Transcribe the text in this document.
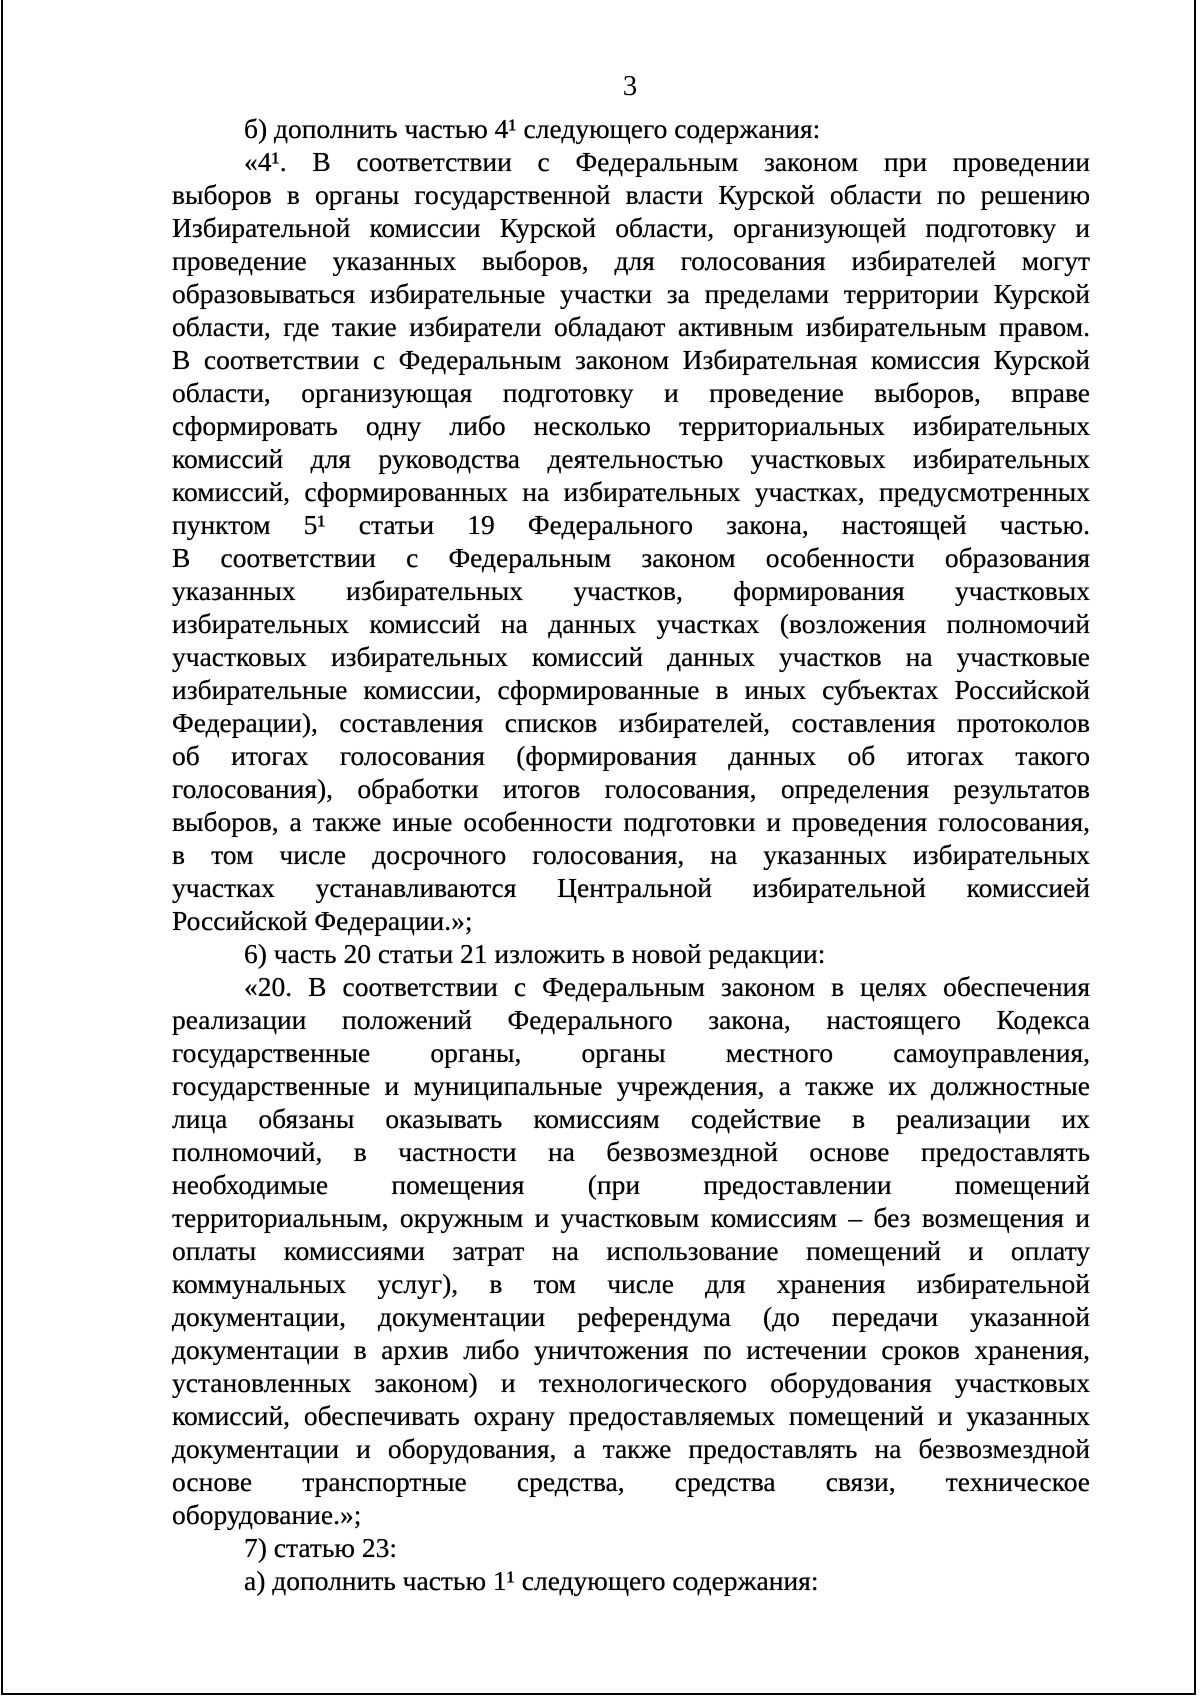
3
б) дополнить частью 4¹ следующего содержания:
«4¹. В соответствии с Федеральным законом при проведении
выборов в органы государственной власти Курской области по решению
Избирательной комиссии Курской области, организующей подготовку и
проведение указанных выборов, для голосования избирателей могут
образовываться избирательные участки за пределами территории Курской
области, где такие избиратели обладают активным избирательным правом.
В соответствии с Федеральным законом Избирательная комиссия Курской
области, организующая подготовку и проведение выборов, вправе
сформировать одну либо несколько территориальных избирательных
комиссий для руководства деятельностью участковых избирательных
комиссий, сформированных на избирательных участках, предусмотренных
пунктом 5¹ статьи 19 Федерального закона, настоящей частью.
В соответствии с Федеральным законом особенности образования
указанных избирательных участков, формирования участковых
избирательных комиссий на данных участках (возложения полномочий
участковых избирательных комиссий данных участков на участковые
избирательные комиссии, сформированные в иных субъектах Российской
Федерации), составления списков избирателей, составления протоколов
об итогах голосования (формирования данных об итогах такого
голосования), обработки итогов голосования, определения результатов
выборов, а также иные особенности подготовки и проведения голосования,
в том числе досрочного голосования, на указанных избирательных
участках устанавливаются Центральной избирательной комиссией
Российской Федерации.»;
6) часть 20 статьи 21 изложить в новой редакции:
«20. В соответствии с Федеральным законом в целях обеспечения
реализации положений Федерального закона, настоящего Кодекса
государственные органы, органы местного самоуправления,
государственные и муниципальные учреждения, а также их должностные
лица обязаны оказывать комиссиям содействие в реализации их
полномочий, в частности на безвозмездной основе предоставлять
необходимые помещения (при предоставлении помещений
территориальным, окружным и участковым комиссиям – без возмещения и
оплаты комиссиями затрат на использование помещений и оплату
коммунальных услуг), в том числе для хранения избирательной
документации, документации референдума (до передачи указанной
документации в архив либо уничтожения по истечении сроков хранения,
установленных законом) и технологического оборудования участковых
комиссий, обеспечивать охрану предоставляемых помещений и указанных
документации и оборудования, а также предоставлять на безвозмездной
основе транспортные средства, средства связи, техническое
оборудование.»;
7) статью 23:
а) дополнить частью 1¹ следующего содержания:
